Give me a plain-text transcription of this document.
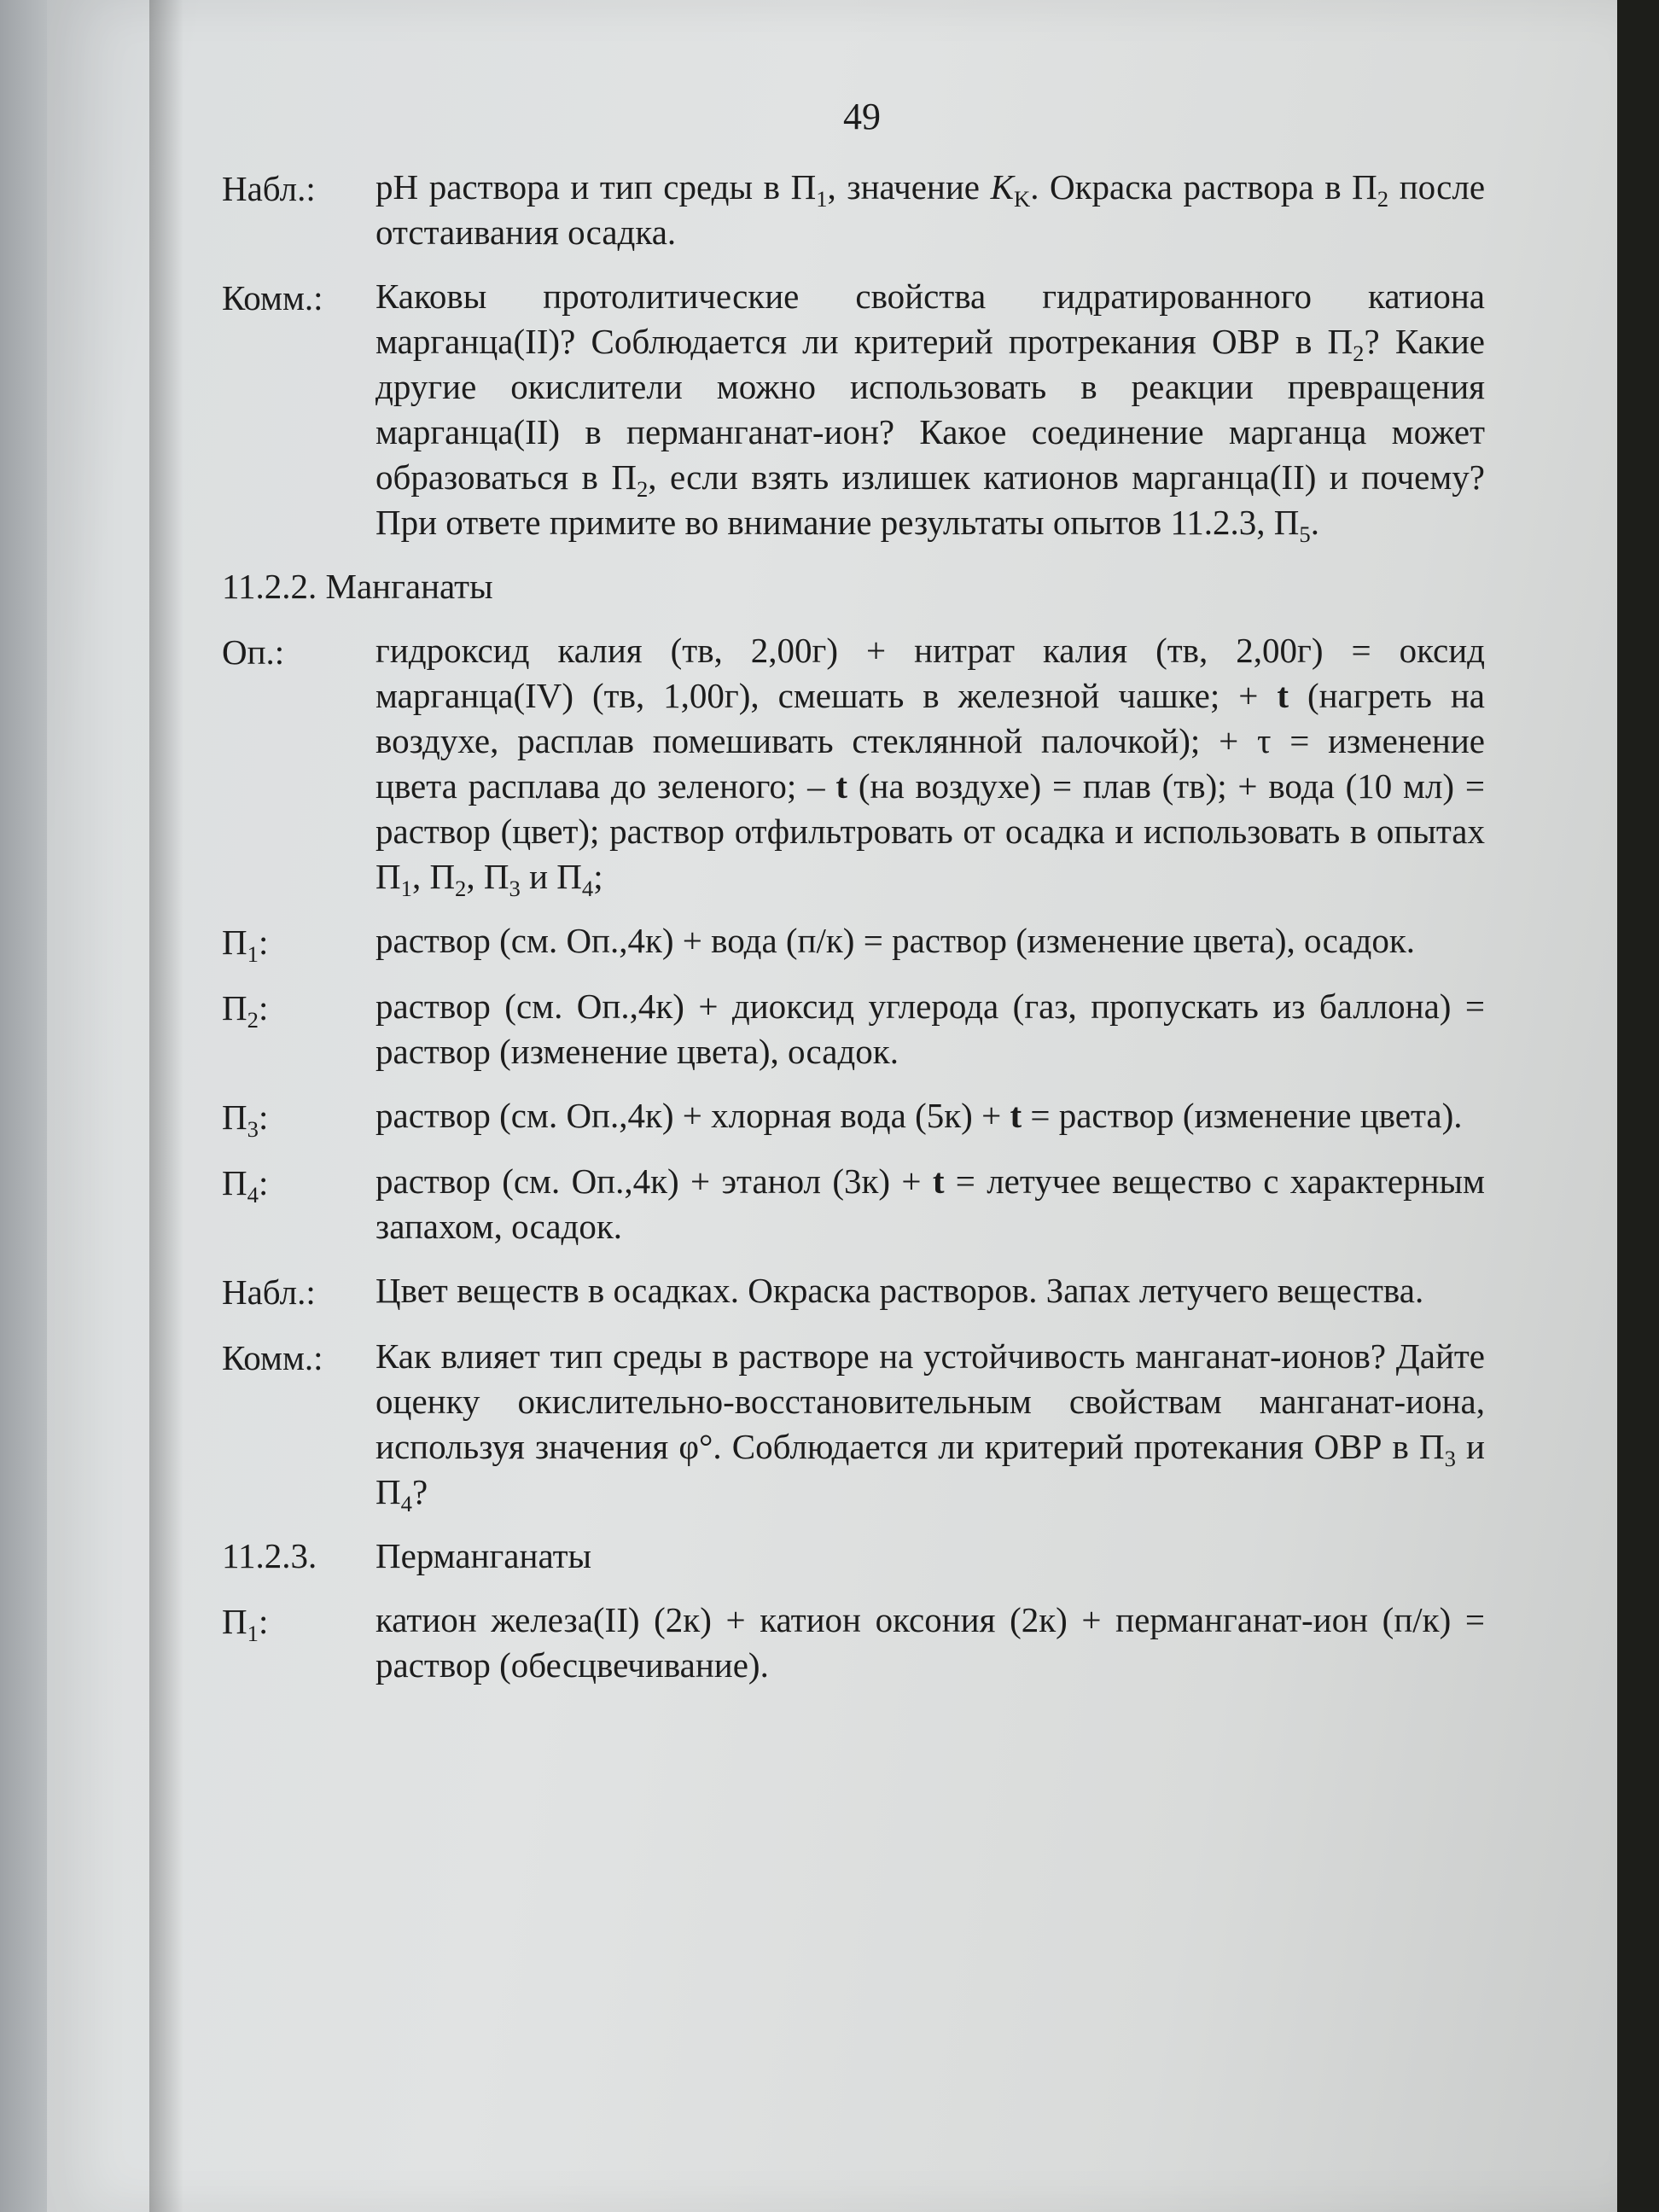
49
Набл.:	pH раствора и тип среды в $П_1$, значение $K_K$. Окраска раствора в $П_2$ после отстаивания осадка.
Комм.:	Каковы протолитические свойства гидратированного катиона марганца(II)? Соблюдается ли критерий протрекания ОВР в $П_2$? Какие другие окислители можно использовать в реакции превращения марганца(II) в перманганат-ион? Какое соединение марганца может образоваться в $П_2$, если взять излишек катионов марганца(II) и почему? При ответе примите во внимание результаты опытов 11.2.3, $П_5$.
11.2.2.
Манганаты
Оп.:	гидроксид калия (тв, 2,00г) + нитрат калия (тв, 2,00г) = оксид марганца(IV) (тв, 1,00г), смешать в железной чашке; + t (нагреть на воздухе, расплав помешивать стеклянной палочкой); + τ = изменение цвета расплава до зеленого; – t (на воздухе) = плав (тв); + вода (10 мл) = раствор (цвет); раствор отфильтровать от осадка и использовать в опытах $П_1$, $П_2$, $П_3$ и $П_4$;
$П_1$:	раствор (см. Оп.,4к) + вода (п/к) = раствор (изменение цвета), осадок.
$П_2$:	раствор (см. Оп.,4к) + диоксид углерода (газ, пропускать из баллона) = раствор (изменение цвета), осадок.
$П_3$:	раствор (см. Оп.,4к) + хлорная вода (5к) + t = раствор (изменение цвета).
$П_4$:	раствор (см. Оп.,4к) + этанол (3к) + t = летучее вещество с характерным запахом, осадок.
Набл.:	Цвет веществ в осадках. Окраска растворов. Запах летучего вещества.
Комм.:	Как влияет тип среды в растворе на устойчивость манганат-ионов? Дайте оценку окислительно-восстановительным свойствам манганат-иона, используя значения φ°. Соблюдается ли критерий протекания ОВР в $П_3$ и $П_4$?
11.2.3.	Перманганаты
$П_1$:	катион железа(II) (2к) + катион оксония (2к) + перманганат-ион (п/к) = раствор (обесцвечивание).
